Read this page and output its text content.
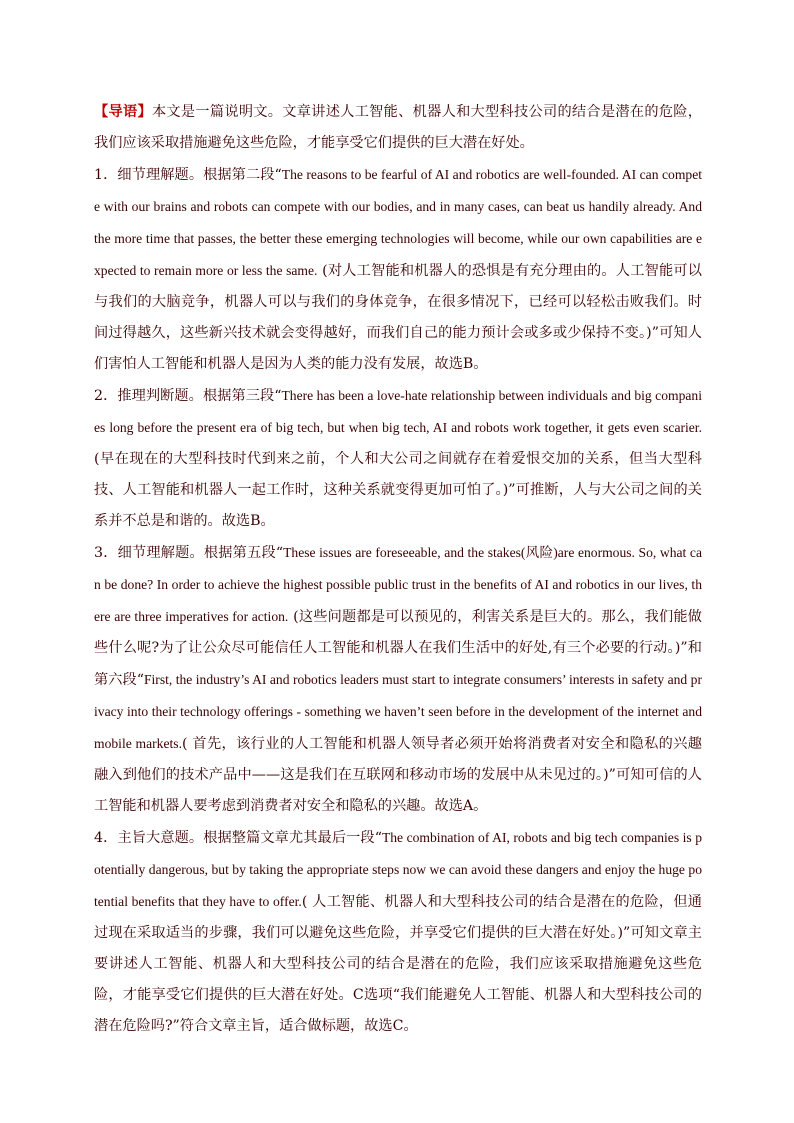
【导语】本文是一篇说明文。文章讲述人工智能、机器人和大型科技公司的结合是潜在的危险，我们应该采取措施避免这些危险，才能享受它们提供的巨大潜在好处。

1．细节理解题。根据第二段“The reasons to be fearful of AI and robotics are well-founded. AI can compete with our brains and robots can compete with our bodies, and in many cases, can beat us handily already. And the more time that passes, the better these emerging technologies will become, while our own capabilities are expected to remain more or less the same. (对人工智能和机器人的恐惧是有充分理由的。人工智能可以与我们的大脑竞争，机器人可以与我们的身体竞争，在很多情况下，已经可以轻松击败我们。时间过得越久，这些新兴技术就会变得越好，而我们自己的能力预计会或多或少保持不变。)”可知人们害怕人工智能和机器人是因为人类的能力没有发展，故选B。

2．推理判断题。根据第三段“There has been a love-hate relationship between individuals and big companies long before the present era of big tech, but when big tech, AI and robots work together, it gets even scarier. (早在现在的大型科技时代到来之前，个人和大公司之间就存在着爱恨交加的关系，但当大型科技、人工智能和机器人一起工作时，这种关系就变得更加可怕了。)”可推断，人与大公司之间的关系并不总是和谐的。故选B。

3．细节理解题。根据第五段“These issues are foreseeable, and the stakes(风险)are enormous. So, what can be done? In order to achieve the highest possible public trust in the benefits of AI and robotics in our lives, there are three imperatives for action. (这些问题都是可以预见的，利害关系是巨大的。那么，我们能做些什么呢?为了让公众尽可能信任人工智能和机器人在我们生活中的好处,有三个必要的行动。)”和第六段“First, the industry’s AI and robotics leaders must start to integrate consumers’ interests in safety and privacy into their technology offerings - something we haven’t seen before in the development of the internet and mobile markets.( 首先，该行业的人工智能和机器人领导者必须开始将消费者对安全和隐私的兴趣融入到他们的技术产品中——这是我们在互联网和移动市场的发展中从未见过的。)”可知可信的人工智能和机器人要考虑到消费者对安全和隐私的兴趣。故选A。

4．主旨大意题。根据整篇文章尤其最后一段“The combination of AI, robots and big tech companies is potentially dangerous, but by taking the appropriate steps now we can avoid these dangers and enjoy the huge potential benefits that they have to offer.( 人工智能、机器人和大型科技公司的结合是潜在的危险，但通过现在采取适当的步骤，我们可以避免这些危险，并享受它们提供的巨大潜在好处。)”可知文章主要讲述人工智能、机器人和大型科技公司的结合是潜在的危险，我们应该采取措施避免这些危险，才能享受它们提供的巨大潜在好处。C选项“我们能避免人工智能、机器人和大型科技公司的潜在危险吗?”符合文章主旨，适合做标题，故选C。
